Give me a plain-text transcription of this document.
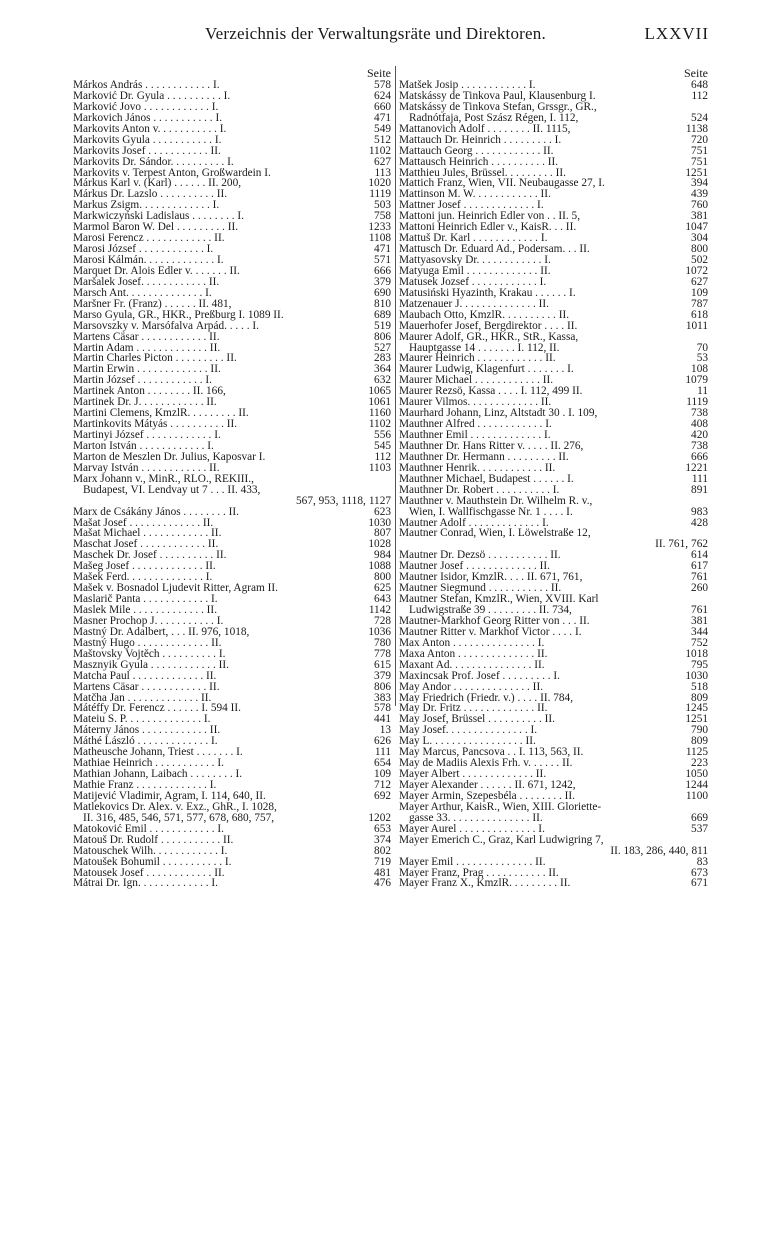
Verzeichnis der Verwaltungsräte und Direktoren.	LXXVII
Seite
Márkos András . . . . . . . . . . . . I.	578
Marković Dr. Gyula . . . . . . . . . . I.	624
Marković Jovo . . . . . . . . . . . . I.	660
Markovich János . . . . . . . . . . . I.	471
Markovits Anton v. . . . . . . . . . . I.	549
Markovits Gyula . . . . . . . . . . . I.	512
Markovits Josef . . . . . . . . . . . II.	1102
Markovits Dr. Sándor. . . . . . . . . . I.	627
Markovits v. Terpest Anton, Großwardein I.	113
Márkus Karl v. (Karl) . . . . . . II. 200,	1020
Márkus Dr. Lazslo . . . . . . . . . . II.	1119
Markus Zsigm. . . . . . . . . . . . . I.	503
Markwiczyński Ladislaus . . . . . . . . I.	758
Marmol Baron W. Del . . . . . . . . . II.	1233
Marosi Ferencz . . . . . . . . . . . . II.	1108
Marosi József . . . . . . . . . . . . I.	471
Marosi Kálmán. . . . . . . . . . . . . I.	571
Marquet Dr. Alois Edler v. . . . . . . II.	666
Maršalek Josef. . . . . . . . . . . . II.	379
Marsch Ant. . . . . . . . . . . . . . I.	690
Maršner Fr. (Franz) . . . . . . II. 481,	810
Marso Gyula, GR., HKR., Preßburg I. 1089 II.	689
Marsovszky v. Marsófalva Árpád. . . . . I.	519
Martens Cäsar . . . . . . . . . . . . II.	806
Martin Adam . . . . . . . . . . . . . II.	527
Martin Charles Picton . . . . . . . . . II.	283
Martin Erwin . . . . . . . . . . . . . II.	364
Martin József . . . . . . . . . . . . I.	632
Martinek Anton . . . . . . . . II. 166,	1065
Martinek Dr. J. . . . . . . . . . . . II.	1061
Martini Clemens, KmzlR. . . . . . . . . II.	1160
Martinkovits Mátyás . . . . . . . . . . II.	1102
Martinyi József . . . . . . . . . . . . I.	556
Marton István . . . . . . . . . . . . I.	545
Marton de Meszlen Dr. Julius, Kaposvar I.	112
Marvay István . . . . . . . . . . . . II.	1103
Marx Johann v., MinR., RLO., REKIII.,
Budapest, VI. Lendvay ut 7 . . . II. 433,
567, 953, 1118, 1127
Marx de Csákány János . . . . . . . . II.	623
Mašat Josef . . . . . . . . . . . . . II.	1030
Mašat Michael . . . . . . . . . . . . II.	807
Maschat Josef . . . . . . . . . . . . II.	1028
Maschek Dr. Josef . . . . . . . . . . II.	984
Mašeg Josef . . . . . . . . . . . . . II.	1088
Mašek Ferd. . . . . . . . . . . . . . I.	800
Mašek v. Bosnadol Ljudevit Ritter, Agram II.	625
Maslarič Panta . . . . . . . . . . . . I.	643
Maslek Mile . . . . . . . . . . . . . II.	1142
Masner Prochop J. . . . . . . . . . . I.	728
Mastný Dr. Adalbert, . . . II. 976, 1018,	1036
Mastný Hugo . . . . . . . . . . . . . II.	780
Maštovsky Vojtěch . . . . . . . . . . I.	778
Masznyik Gyula . . . . . . . . . . . . II.	615
Matcha Paul . . . . . . . . . . . . . II.	379
Martens Cäsar . . . . . . . . . . . . II.	806
Matčha Jan . . . . . . . . . . . . . II.	383
Mátéffy Dr. Ferencz . . . . . . I. 594 II.	578
Mateiu S. P. . . . . . . . . . . . . . I.	441
Máterny János . . . . . . . . . . . . II.	13
Máthé László . . . . . . . . . . . . . I.	626
Matheusche Johann, Triest . . . . . . . I.	111
Mathiae Heinrich . . . . . . . . . . . I.	654
Mathian Johann, Laibach . . . . . . . . I.	109
Mathie Franz . . . . . . . . . . . . . I.	712
Matijević Vladimir, Agram, I. 114, 640, II.	692
Matlekovics Dr. Alex. v. Exz., GhR., I. 1028,
II. 316, 485, 546, 571, 577, 678, 680, 757,	1202
Matoković Emil . . . . . . . . . . . . I.	653
Matouš Dr. Rudolf . . . . . . . . . . . II.	374
Matouschek Wilh. . . . . . . . . . . . I.	802
Matoušek Bohumil . . . . . . . . . . . I.	719
Matousek Josef . . . . . . . . . . . . II.	481
Mátrai Dr. Ign. . . . . . . . . . . . . I.	476
Seite
Matšek Josip . . . . . . . . . . . . I.	648
Matskássy de Tinkova Paul, Klausenburg I.	112
Matskássy de Tinkova Stefan, Grssgr., GR.,
Radnótfaja, Post Szász Régen, I. 112,	524
Mattanovich Adolf . . . . . . . . II. 1115,	1138
Mattauch Dr. Heinrich . . . . . . . . . I.	720
Mattauch Georg . . . . . . . . . . . . II.	751
Mattausch Heinrich . . . . . . . . . . II.	751
Matthieu Jules, Brüssel. . . . . . . . . II.	1251
Mattich Franz, Wien, VII. Neubaugasse 27, I.	394
Mattinson M. W. . . . . . . . . . . . II.	439
Mattner Josef . . . . . . . . . . . . . I.	760
Mattoni jun. Heinrich Edler von . . II. 5,	381
Mattoni Heinrich Edler v., KaisR. . . II.	1047
Mattuš Dr. Karl . . . . . . . . . . . . I.	304
Mattusch Dr. Eduard Ad., Podersam. . . II.	800
Mattyasovsky Dr. . . . . . . . . . . . I.	502
Matyuga Emil . . . . . . . . . . . . . II.	1072
Matusek Jozsef . . . . . . . . . . . . I.	627
Matusiński Hyazinth, Krakau . . . . . . I.	109
Matzenauer J. . . . . . . . . . . . . . II.	787
Maubach Otto, KmzlR. . . . . . . . . . II.	618
Mauerhofer Josef, Bergdirektor . . . . II.	1011
Maurer Adolf, GR., HKR., StR., Kassa,
Hauptgasse 14 . . . . . . . I. 112, II.	70
Maurer Heinrich . . . . . . . . . . . . II.	53
Maurer Ludwig, Klagenfurt . . . . . . . I.	108
Maurer Michael . . . . . . . . . . . . II.	1079
Maurer Rezsö, Kassa . . . . I. 112, 499 II.	11
Maurer Vilmos. . . . . . . . . . . . . II.	1119
Maurhard Johann, Linz, Altstadt 30 . I. 109,	738
Mauthner Alfred . . . . . . . . . . . . I.	408
Mauthner Emil . . . . . . . . . . . . . I.	420
Mauthner Dr. Hans Ritter v. . . . . II. 276,	738
Mauthner Dr. Hermann . . . . . . . . . II.	666
Mauthner Henrik. . . . . . . . . . . . II.	1221
Mauthner Michael, Budapest . . . . . . I.	111
Mauthner Dr. Robert . . . . . . . . . . I.	891
Mauthner v. Mauthstein Dr. Wilhelm R. v.,
Wien, I. Wallfischgasse Nr. 1 . . . . I.	983
Mautner Adolf . . . . . . . . . . . . . I.	428
Mautner Conrad, Wien, I. Löwelstraße 12,
II. 761, 762
Mautner Dr. Dezsö . . . . . . . . . . . II.	614
Mautner Josef . . . . . . . . . . . . . II.	617
Mautner Isidor, KmzlR. . . . II. 671, 761,	761
Mautner Siegmund . . . . . . . . . . . II.	260
Mautner Stefan, KmzlR., Wien, XVIII. Karl
Ludwigstraße 39 . . . . . . . . . II. 734,	761
Mautner-Markhof Georg Ritter von . . . II.	381
Mautner Ritter v. Markhof Victor . . . . I.	344
Max Anton . . . . . . . . . . . . . . . I.	752
Maxa Anton . . . . . . . . . . . . . . II.	1018
Maxant Ad. . . . . . . . . . . . . . . II.	795
Maxincsak Prof. Josef . . . . . . . . . I.	1030
May Andor . . . . . . . . . . . . . . II.	518
May Friedrich (Friedr. v.) . . . . II. 784,	809
May Dr. Fritz . . . . . . . . . . . . . II.	1245
May Josef, Brüssel . . . . . . . . . . II.	1251
May Josef. . . . . . . . . . . . . . . I.	790
May L. . . . . . . . . . . . . . . . . II.	809
May Marcus, Pancsova . . I. 113, 563, II.	1125
May de Madiis Alexis Frh. v. . . . . . II.	223
Mayer Albert . . . . . . . . . . . . . II.	1050
Mayer Alexander . . . . . . II. 671, 1242,	1244
Mayer Ármin, Szepesbéla . . . . . . . . II.	1100
Mayer Arthur, KaisR., Wien, XIII. Gloriette-
gasse 33. . . . . . . . . . . . . . . II.	669
Mayer Aurel . . . . . . . . . . . . . . I.	537
Mayer Emerich C., Graz, Karl Ludwigring 7,
II. 183, 286, 440, 811
Mayer Emil . . . . . . . . . . . . . . II.	83
Mayer Franz, Prag . . . . . . . . . . . II.	673
Mayer Franz X., KmzlR. . . . . . . . . II.	671
